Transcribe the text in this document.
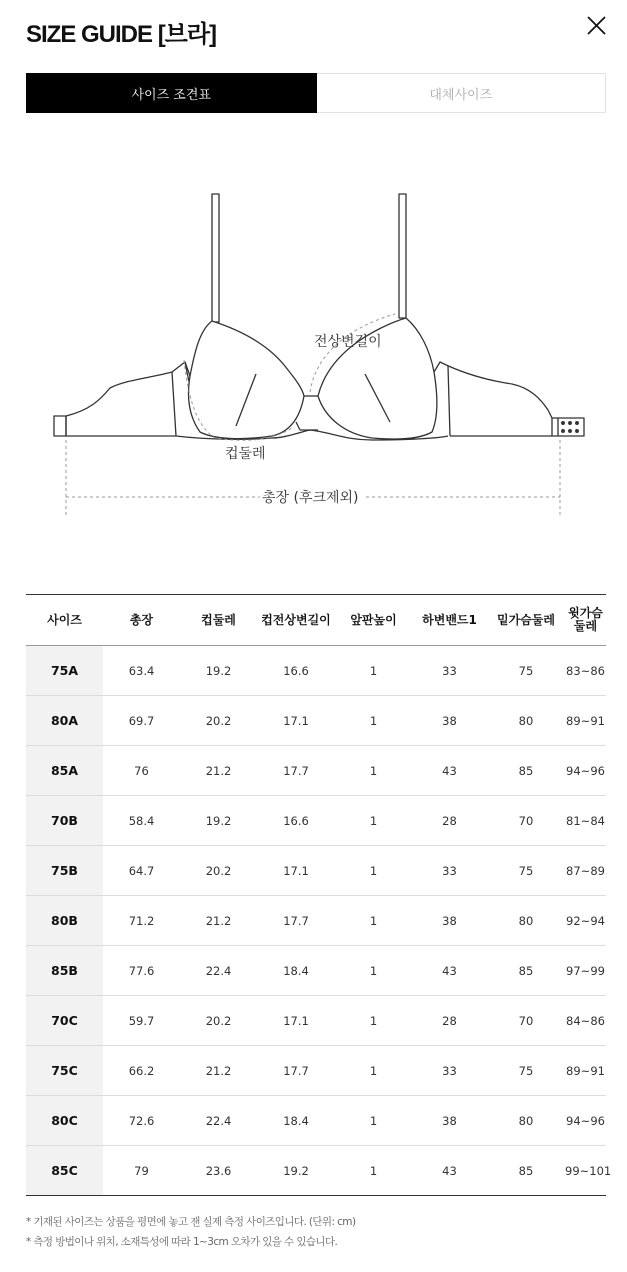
SIZE GUIDE [브라]
사이즈 조견표	대체사이즈
전상변길이
컵둘레
총장 (후크제외)
사이즈	총장	컵둘레	컵전상변길이	앞판높이	하변밴드1	밑가슴둘레	윗가슴
둘레
75A	63.4	19.2	16.6	1	33	75	83~86
80A	69.7	20.2	17.1	1	38	80	89~91
85A	76	21.2	17.7	1	43	85	94~96
70B	58.4	19.2	16.6	1	28	70	81~84
75B	64.7	20.2	17.1	1	33	75	87~89
80B	71.2	21.2	17.7	1	38	80	92~94
85B	77.6	22.4	18.4	1	43	85	97~99
70C	59.7	20.2	17.1	1	28	70	84~86
75C	66.2	21.2	17.7	1	33	75	89~91
80C	72.6	22.4	18.4	1	38	80	94~96
85C	79	23.6	19.2	1	43	85	99~101
* 기재된 사이즈는 상품을 평면에 놓고 잰 실제 측정 사이즈입니다. (단위: cm)
* 측정 방법이나 위치, 소재특성에 따라 1~3cm 오차가 있을 수 있습니다.
